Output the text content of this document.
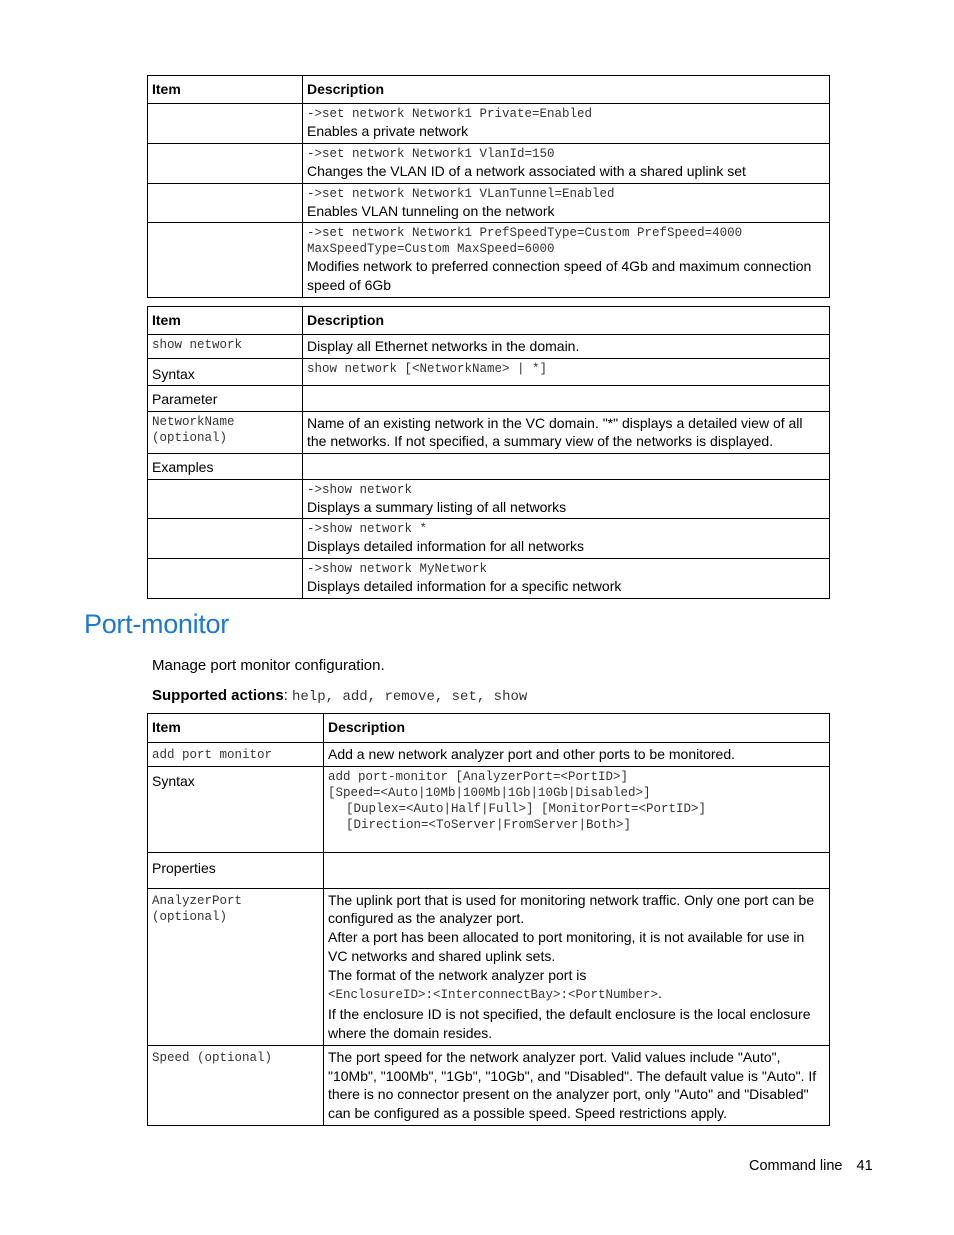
Item	Description

	->set network Network1 Private=Enabled
Enables a private network

	->set network Network1 VlanId=150
Changes the VLAN ID of a network associated with a shared uplink set

	->set network Network1 VLanTunnel=Enabled
Enables VLAN tunneling on the network

	->set network Network1 PrefSpeedType=Custom PrefSpeed=4000
MaxSpeedType=Custom MaxSpeed=6000
Modifies network to preferred connection speed of 4Gb and maximum connection speed of 6Gb
Item	Description

show network	Display all Ethernet networks in the domain.
Syntax	show network [<NetworkName> | *]

Parameter	

NetworkName
(optional)	Name of an existing network in the VC domain. "*" displays a detailed view of all the networks. If not specified, a summary view of the networks is displayed.

Examples	

	->show network
Displays a summary listing of all networks

	->show network *
Displays detailed information for all networks

	->show network MyNetwork
Displays detailed information for a specific network
Port-monitor
Manage port monitor configuration.
Supported actions: help, add, remove, set, show
Item	Description

add port monitor	Add a new network analyzer port and other ports to be monitored.
Syntax	add port-monitor [AnalyzerPort=<PortID>]
[Speed=<Auto|10Mb|100Mb|1Gb|10Gb|Disabled>]
[Duplex=<Auto|Half|Full>] [MonitorPort=<PortID>]
[Direction=<ToServer|FromServer|Both>]

Properties	

AnalyzerPort
(optional)	The uplink port that is used for monitoring network traffic. Only one port can be configured as the analyzer port.
After a port has been allocated to port monitoring, it is not available for use in VC networks and shared uplink sets.
The format of the network analyzer port is
<EnclosureID>:<InterconnectBay>:<PortNumber>.
If the enclosure ID is not specified, the default enclosure is the local enclosure where the domain resides.

Speed (optional)	The port speed for the network analyzer port. Valid values include "Auto", "10Mb", "100Mb", "1Gb", "10Gb", and "Disabled". The default value is "Auto". If there is no connector present on the analyzer port, only "Auto" and "Disabled" can be configured as a possible speed. Speed restrictions apply.
Command line 41
